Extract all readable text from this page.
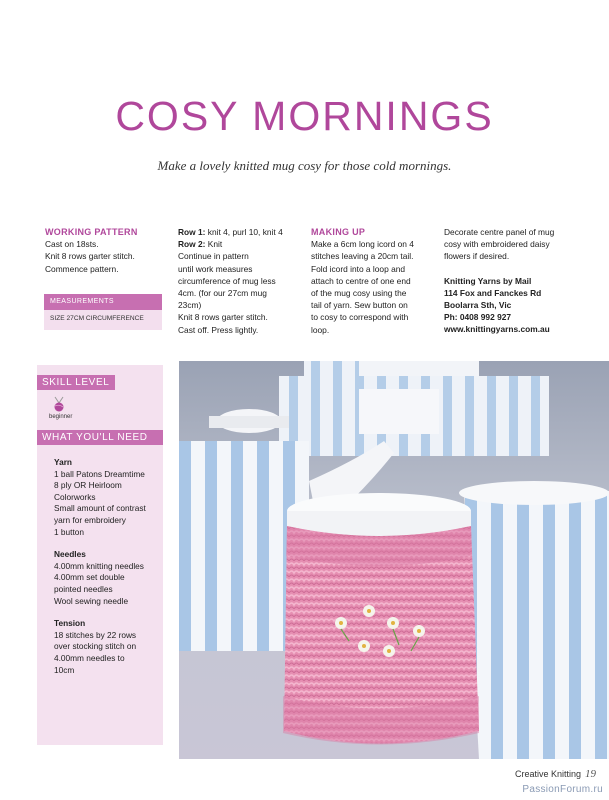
COSY MORNINGS
Make a lovely knitted mug cosy for those cold mornings.

WORKING PATTERN

Cast on 18sts.

Knit 8 rows garter stitch.

Commence pattern.

MEASUREMENTS
SIZE 27CM CIRCUMFERENCE

Row 1: knit 4, purl 10, knit 4

Row 2: Knit

Continue in pattern

until work measures

circumference of mug less

4cm. (for our 27cm mug

23cm)

Knit 8 rows garter stitch.

Cast off. Press lightly.

MAKING UP

Make a 6cm long icord on 4

stitches leaving a 20cm tail.

Fold icord into a loop and

attach to centre of one end

of the mug cosy using the

tail of yarn. Sew button on

to cosy to correspond with

loop.

Decorate centre panel of mug

cosy with embroidered daisy

flowers if desired.

Knitting Yarns by Mail

114 Fox and Fanckes Rd

Boolarra Sth, Vic

Ph: 0408 992 927

www.knittingyarns.com.au

SKILL LEVEL
beginner
WHAT YOU'LL NEED

Yarn

1 ball Patons Dreamtime

8 ply OR Heirloom

Colorworks

Small amount of contrast

yarn for embroidery

1 button

Needles

4.00mm knitting needles

4.00mm set double

pointed needles

Wool sewing needle

Tension

18 stitches by 22 rows

over stocking stitch on

4.00mm needles to

10cm

Creative Knitting 19
PassionForum.ru
